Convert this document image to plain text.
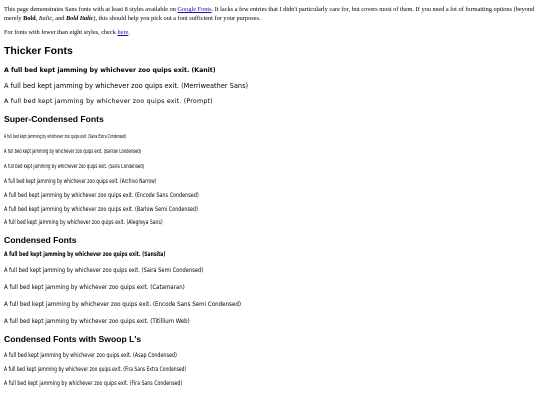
This page demonstrates Sans fonts with at least 8 styles available on Google Fonts. It lacks a few entries that I didn't particularly care for, but covers most of them. If you need a lot of formatting options (beyond merely Bold, Italic, and Bold Italic), this should help you pick out a font sufficient for your purposes.

For fonts with fewer than eight styles, check here.

Thicker Fonts
A full bed kept jamming by whichever zoo quips exit. (Kanit)
A full bed kept jamming by whichever zoo quips exit. (Merriweather Sans)
A full bed kept jamming by whichever zoo quips exit. (Prompt)
Super-Condensed Fonts
A full bed kept jamming by whichever zoo quips exit. (Saira Extra Condensed)
A full bed kept jamming by whichever zoo quips exit. (Barlow Condensed)
A full bed kept jamming by whichever zoo quips exit. (Saira Condensed)
A full bed kept jamming by whichever zoo quips exit. (Archivo Narrow)
A full bed kept jamming by whichever zoo quips exit. (Encode Sans Condensed)
A full bed kept jamming by whichever zoo quips exit. (Barlow Semi Condensed)
A full bed kept jamming by whichever zoo quips exit. (Alegreya Sans)
Condensed Fonts
A full bed kept jamming by whichever zoo quips exit. (Sansita)
A full bed kept jamming by whichever zoo quips exit. (Saira Semi Condensed)
A full bed kept jamming by whichever zoo quips exit. (Catamaran)
A full bed kept jamming by whichever zoo quips exit. (Encode Sans Semi Condensed)
A full bed kept jamming by whichever zoo quips exit. (Titillium Web)
Condensed Fonts with Swoop L's
A full bed kept jamming by whichever zoo quips exit. (Asap Condensed)
A full bed kept jamming by whichever zoo quips exit. (Fira Sans Extra Condensed)
A full bed kept jamming by whichever zoo quips exit. (Fira Sans Condensed)
